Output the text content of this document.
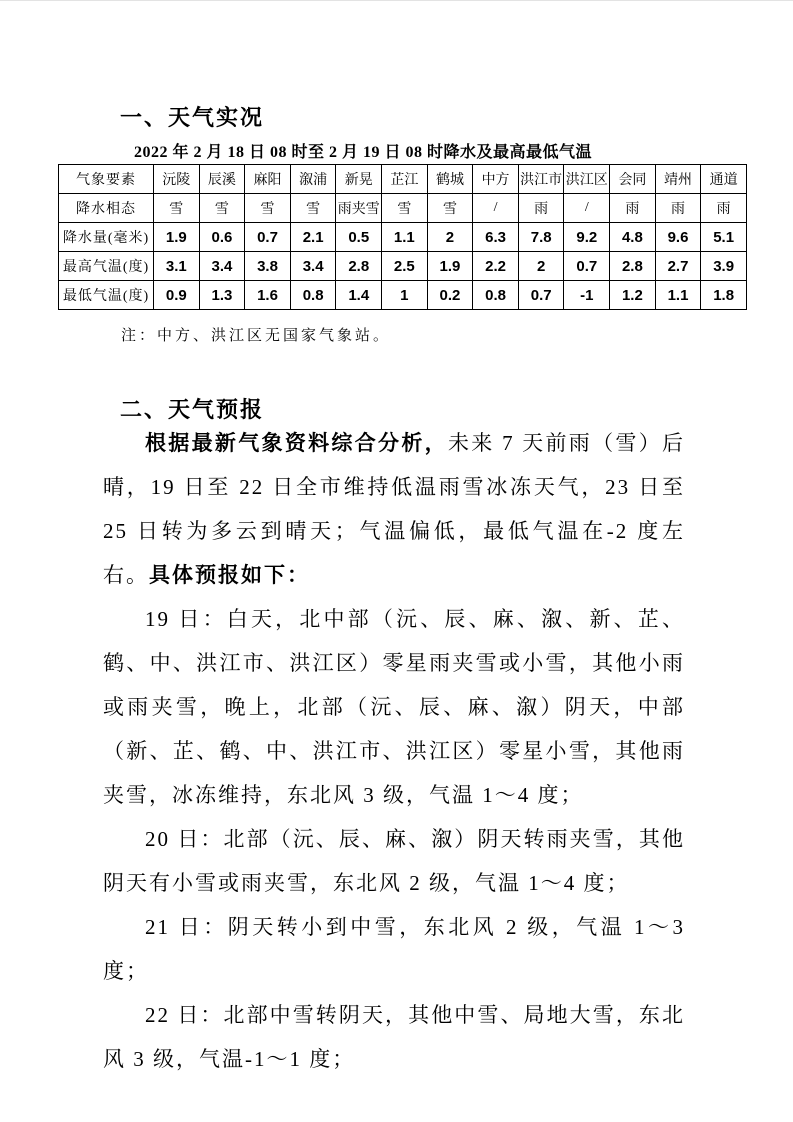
一、天气实况
2022 年 2 月 18 日 08 时至 2 月 19 日 08 时降水及最高最低气温
气象要素	沅陵	辰溪	麻阳	溆浦	新晃	芷江	鹤城	中方	洪江市	洪江区	会同	靖州	通道
降水相态	雪	雪	雪	雪	雨夹雪	雪	雪	/	雨	/	雨	雨	雨
降水量(毫米)	1.9	0.6	0.7	2.1	0.5	1.1	2	6.3	7.8	9.2	4.8	9.6	5.1
最高气温(度)	3.1	3.4	3.8	3.4	2.8	2.5	1.9	2.2	2	0.7	2.8	2.7	3.9
最低气温(度)	0.9	1.3	1.6	0.8	1.4	1	0.2	0.8	0.7	-1	1.2	1.1	1.8
注：中方、洪江区无国家气象站。
二、天气预报

根据最新气象资料综合分析，未来 7 天前雨（雪）后晴，19 日至 22 日全市维持低温雨雪冰冻天气，23 日至 25 日转为多云到晴天；气温偏低，最低气温在-2 度左右。具体预报如下：

19 日：白天，北中部（沅、辰、麻、溆、新、芷、鹤、中、洪江市、洪江区）零星雨夹雪或小雪，其他小雨或雨夹雪，晚上，北部（沅、辰、麻、溆）阴天，中部（新、芷、鹤、中、洪江市、洪江区）零星小雪，其他雨夹雪，冰冻维持，东北风 3 级，气温 1～4 度；

20 日：北部（沅、辰、麻、溆）阴天转雨夹雪，其他阴天有小雪或雨夹雪，东北风 2 级，气温 1～4 度；

21 日：阴天转小到中雪，东北风 2 级，气温 1～3 度；

22 日：北部中雪转阴天，其他中雪、局地大雪，东北风 3 级，气温-1～1 度；
